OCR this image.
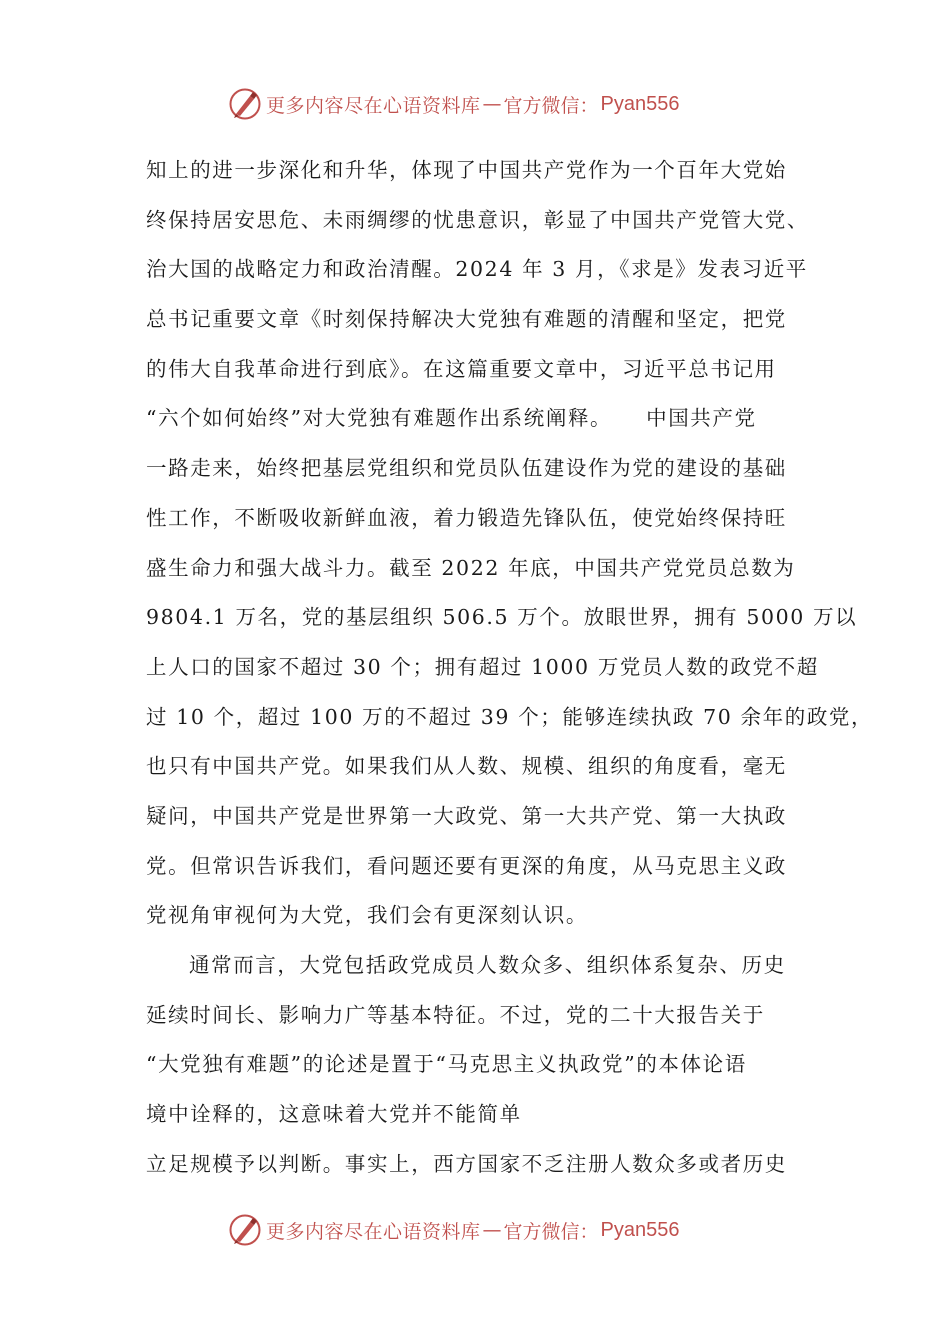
更多内容尽在心语资料库 — 官方微信： Pyan556
知上的进一步深化和升华，体现了中国共产党作为一个百年大党始
终保持居安思危、未雨绸缪的忧患意识，彰显了中国共产党管大党、
治大国的战略定力和政治清醒。2024 年 3 月，《求是》发表习近平
总书记重要文章《时刻保持解决大党独有难题的清醒和坚定，把党
的伟大自我革命进行到底》。在这篇重要文章中，习近平总书记用
“六个如何始终”对大党独有难题作出系统阐释。　　中国共产党
一路走来，始终把基层党组织和党员队伍建设作为党的建设的基础
性工作，不断吸收新鲜血液，着力锻造先锋队伍，使党始终保持旺
盛生命力和强大战斗力。截至 2022 年底，中国共产党党员总数为
9804.1 万名，党的基层组织 506.5 万个。放眼世界，拥有 5000 万以
上人口的国家不超过 30 个；拥有超过 1000 万党员人数的政党不超
过 10 个，超过 100 万的不超过 39 个；能够连续执政 70 余年的政党，
也只有中国共产党。如果我们从人数、规模、组织的角度看，毫无
疑问，中国共产党是世界第一大政党、第一大共产党、第一大执政
党。但常识告诉我们，看问题还要有更深的角度，从马克思主义政
党视角审视何为大党，我们会有更深刻认识。
通常而言，大党包括政党成员人数众多、组织体系复杂、历史
延续时间长、影响力广等基本特征。不过，党的二十大报告关于
“大党独有难题”的论述是置于“马克思主义执政党”的本体论语
境中诠释的，这意味着大党并不能简单
立足规模予以判断。事实上，西方国家不乏注册人数众多或者历史
更多内容尽在心语资料库 — 官方微信： Pyan556
